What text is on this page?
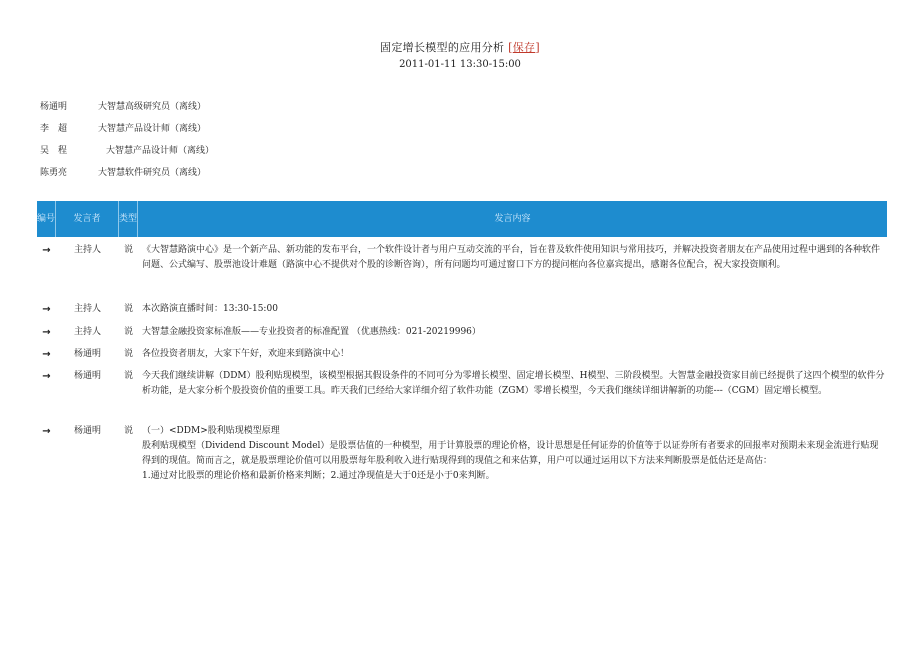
固定增长模型的应用分析 [保存]
2011-01-11 13:30-15:00
杨通明	大智慧高级研究员（离线）
李　超	大智慧产品设计师（离线）
吴　程	大智慧产品设计师（离线）
陈勇亮	大智慧软件研究员（离线）
编号	发言者	类型	发言内容
→	主持人	说	《大智慧路演中心》是一个新产品、新功能的发布平台，一个软件设计者与用户互动交流的平台，旨在普及软件使用知识与常用技巧，并解决投资者朋友在产品使用过程中遇到的各种软件问题、公式编写、股票池设计难题（路演中心不提供对个股的诊断咨询），所有问题均可通过窗口下方的提问框向各位嘉宾提出，感谢各位配合，祝大家投资顺利。

→	主持人	说	本次路演直播时间：13:30-15:00

→	主持人	说	大智慧金融投资家标准版——专业投资者的标准配置 （优惠热线：021-20219996）

→	杨通明	说	各位投资者朋友，大家下午好，欢迎来到路演中心！

→	杨通明	说	今天我们继续讲解（DDM）股利贴现模型，该模型根据其假设条件的不同可分为零增长模型、固定增长模型、H模型、三阶段模型。大智慧金融投资家目前已经提供了这四个模型的软件分析功能，是大家分析个股投资价值的重要工具。昨天我们已经给大家详细介绍了软件功能（ZGM）零增长模型，今天我们继续详细讲解新的功能---（CGM）固定增长模型。

→	杨通明	说	（一）<DDM>股利贴现模型原理

股利贴现模型（Dividend Discount Model）是股票估值的一种模型，用于计算股票的理论价格，设计思想是任何证券的价值等于以证券所有者要求的回报率对预期未来现金流进行贴现得到的现值。简而言之，就是股票理论价值可以用股票每年股利收入进行贴现得到的现值之和来估算，用户可以通过运用以下方法来判断股票是低估还是高估：

1.通过对比股票的理论价格和最新价格来判断；2.通过净现值是大于0还是小于0来判断。
